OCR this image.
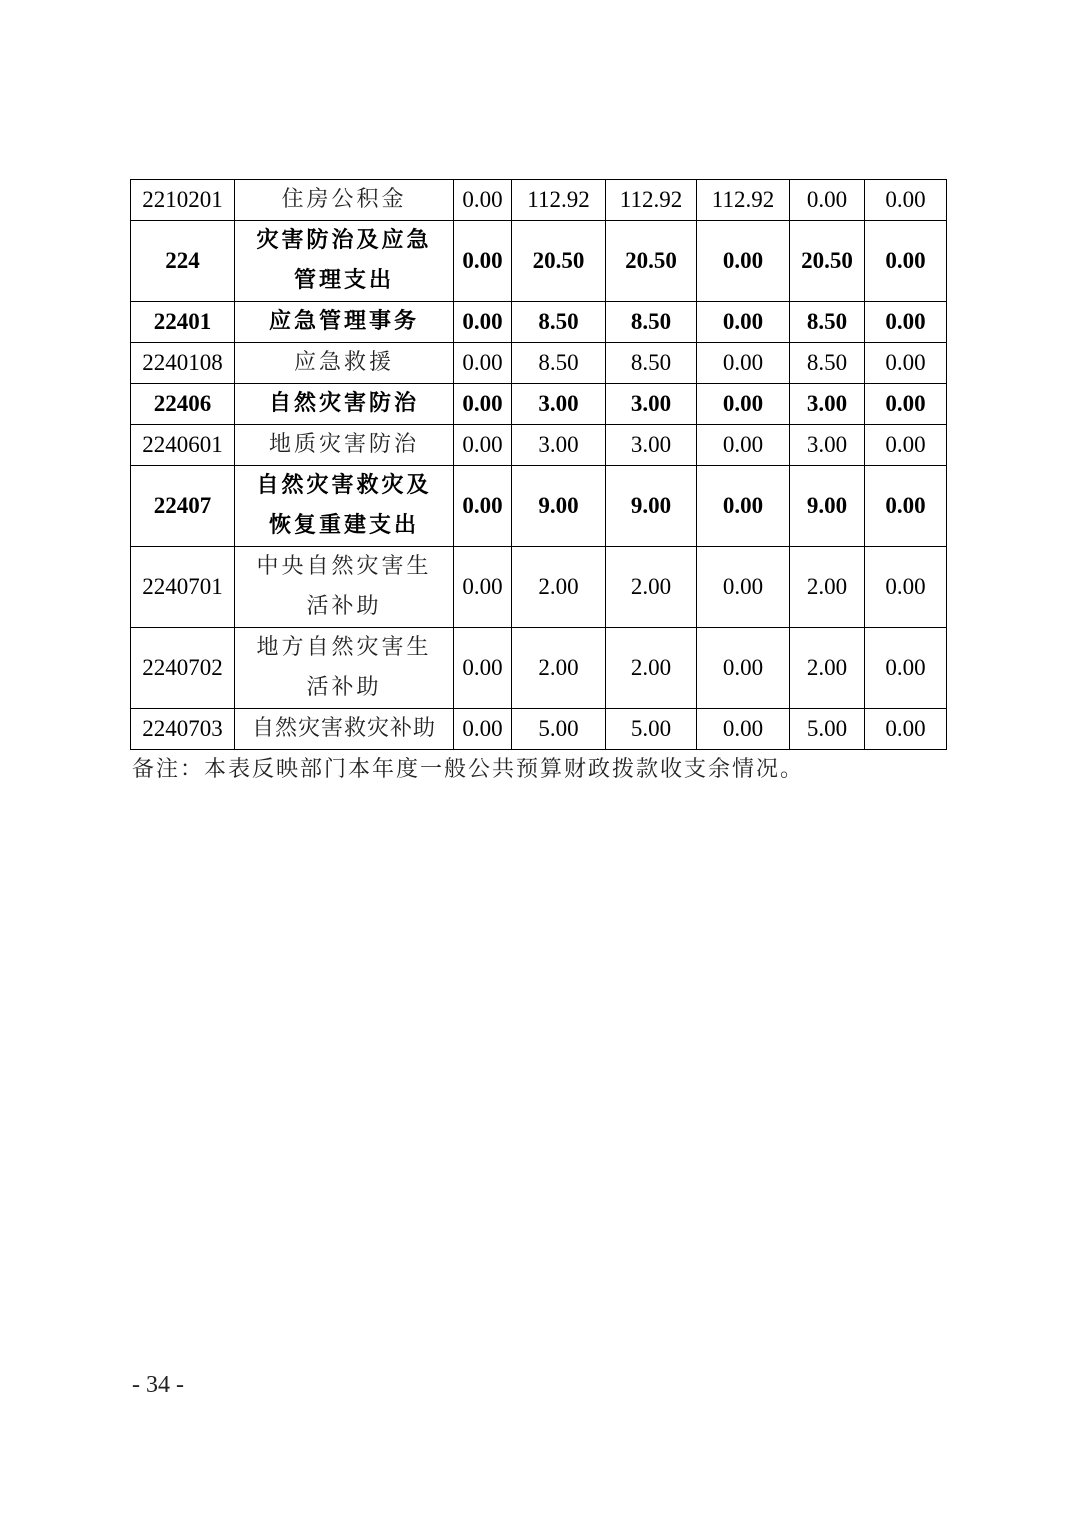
2210201	住房公积金	0.00	112.92	112.92	112.92	0.00	0.00
224	灾害防治及应急管理支出	0.00	20.50	20.50	0.00	20.50	0.00
22401	应急管理事务	0.00	8.50	8.50	0.00	8.50	0.00
2240108	应急救援	0.00	8.50	8.50	0.00	8.50	0.00
22406	自然灾害防治	0.00	3.00	3.00	0.00	3.00	0.00
2240601	地质灾害防治	0.00	3.00	3.00	0.00	3.00	0.00
22407	自然灾害救灾及恢复重建支出	0.00	9.00	9.00	0.00	9.00	0.00
2240701	中央自然灾害生活补助	0.00	2.00	2.00	0.00	2.00	0.00
2240702	地方自然灾害生活补助	0.00	2.00	2.00	0.00	2.00	0.00
2240703	自然灾害救灾补助	0.00	5.00	5.00	0.00	5.00	0.00
备注：本表反映部门本年度一般公共预算财政拨款收支余情况。
- 34 -
